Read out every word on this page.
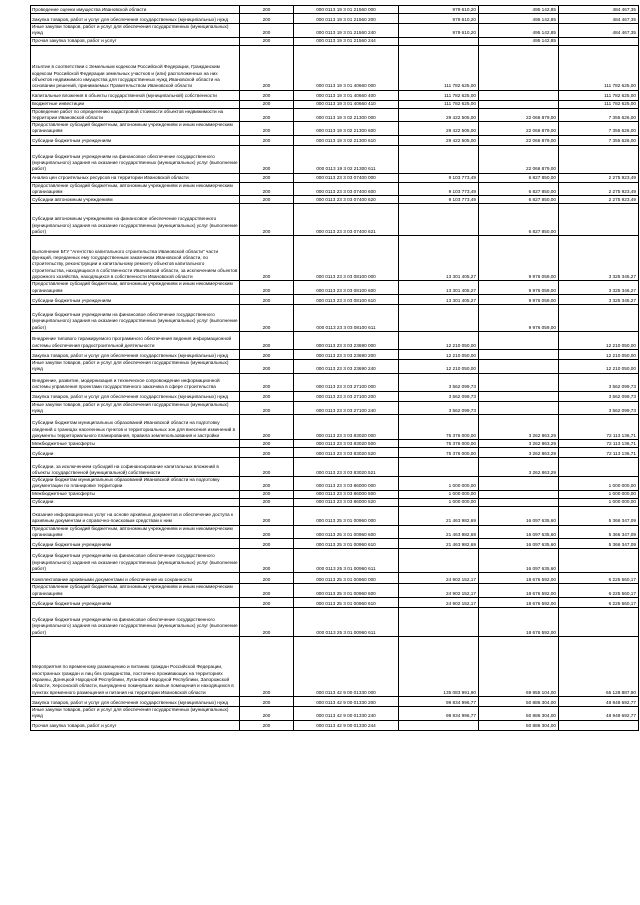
Проведение оценки имущества Ивановской области	200	000 0113 19 3 01 21560 000	979 610,20	495 142,85	484 467,35
Закупка товаров, работ и услуг для обеспечения государственных (муниципальных) нужд	200	000 0113 19 3 01 21560 200	979 610,20	495 142,85	484 467,35
Иные закупки товаров, работ и услуг для обеспечения государственных (муниципальных) нужд	200	000 0113 19 3 01 21560 240	979 610,20	495 142,85	484 467,35
Прочая закупка товаров, работ и услуг	200	000 0113 19 3 01 21560 244		495 142,85	
Изъятие в соответствии с Земельным кодексом Российской Федерации, Гражданским кодексом Российской Федерации земельных участков и (или) расположенных на них объектов недвижимого имущества для государственных нужд Ивановской области на основании решений, принимаемых Правительством Ивановской области	200	000 0113 19 3 01 40660 000	111 782 625,00		111 782 625,00
Капитальные вложения в объекты государственной (муниципальной) собственности	200	000 0113 19 3 01 40660 400	111 782 625,00		111 782 625,00
Бюджетные инвестиции	200	000 0113 19 3 01 40660 410	111 782 625,00		111 782 625,00
Проведение работ по определению кадастровой стоимости объектов недвижимости на территории Ивановской области	200	000 0113 19 3 02 21300 000	29 422 505,00	22 066 879,00	7 355 626,00
Предоставление субсидий бюджетным, автономным учреждениям и иным некоммерческим организациям	200	000 0113 19 3 02 21300 600	29 422 505,00	22 066 879,00	7 355 626,00
Субсидии бюджетным учреждениям	200	000 0113 19 3 02 21300 610	29 422 505,00	22 066 879,00	7 355 626,00
Субсидии бюджетным учреждениям на финансовое обеспечение государственного (муниципального) задания на оказание государственных (муниципальных) услуг (выполнение работ)	200	000 0113 19 3 02 21300 611		22 066 879,00	
Анализ цен строительных ресурсов на территории Ивановской области	200	000 0113 23 3 03 07400 000	9 103 773,49	6 827 850,00	2 275 923,49
Предоставление субсидий бюджетным, автономным учреждениям и иным некоммерческим организациям	200	000 0113 23 3 03 07400 600	9 103 773,49	6 827 850,00	2 275 923,49
Субсидии автономным учреждениям	200	000 0113 23 3 03 07400 620	9 103 773,49	6 827 850,00	2 275 923,49
Субсидии автономным учреждениям на финансовое обеспечение государственного (муниципального) задания на оказание государственных (муниципальных) услуг (выполнение работ)	200	000 0113 23 3 03 07400 621		6 827 850,00	
Выполнение БГУ "Агентство капитального строительства Ивановской области" части функций, переданных ему государственным заказчиком Ивановской области, по строительству, реконструкции и капитальному ремонту объектов капитального строительства, находящихся в собственности Ивановской области, за исключением объектов дорожного хозяйства, находящихся в собственности Ивановской области	200	000 0113 23 3 03 08100 000	13 301 405,27	9 976 059,00	3 325 346,27
Предоставление субсидий бюджетным, автономным учреждениям и иным некоммерческим организациям	200	000 0113 23 3 03 08100 600	13 301 405,27	9 976 059,00	3 325 346,27
Субсидии бюджетным учреждениям	200	000 0113 23 3 03 08100 610	13 301 405,27	9 976 059,00	3 325 346,27
Субсидии бюджетным учреждениям на финансовое обеспечение государственного (муниципального) задания на оказание государственных (муниципальных) услуг (выполнение работ)	200	000 0113 23 3 03 08100 611		9 976 059,00	
Внедрение типового тиражируемого программного обеспечения ведения информационной системы обеспечения градостроительной деятельности	200	000 0113 23 3 03 23690 000	12 210 050,00		12 210 050,00
Закупка товаров, работ и услуг для обеспечения государственных (муниципальных) нужд	200	000 0113 23 3 03 23690 200	12 210 050,00		12 210 050,00
Иные закупки товаров, работ и услуг для обеспечения государственных (муниципальных) нужд	200	000 0113 23 3 03 23690 240	12 210 050,00		12 210 050,00
Внедрение, развитие, модернизация и техническое сопровождение информационной системы управления проектами государственного заказчика в сфере строительства	200	000 0113 23 3 03 27100 000	3 562 099,73		3 562 099,73
Закупка товаров, работ и услуг для обеспечения государственных (муниципальных) нужд	200	000 0113 23 3 03 27100 200	3 562 099,73		3 562 099,73
Иные закупки товаров, работ и услуг для обеспечения государственных (муниципальных) нужд	200	000 0113 23 3 03 27100 240	3 562 099,73		3 562 099,73
Субсидии бюджетам муниципальных образований Ивановской области на подготовку сведений о границах населенных пунктов и территориальных зон для внесения изменений в документы территориального планирования, правила землепользования и застройки	200	000 0113 23 3 03 83020 000	75 376 000,00	3 262 863,29	72 113 136,71
Межбюджетные трансферты	200	000 0113 23 3 03 83020 500	75 376 000,00	3 262 863,29	72 113 136,71
Субсидии	200	000 0113 23 3 03 83020 520	75 376 000,00	3 262 863,29	72 113 136,71
Субсидии, за исключением субсидий на софинансирование капитальных вложений в объекты государственной (муниципальной) собственности	200	000 0113 23 3 03 83020 521		3 262 863,29	
Субсидии бюджетам муниципальных образований Ивановской области на подготовку документации по планировке территории	200	000 0113 23 3 03 86000 000	1 000 000,00		1 000 000,00
Межбюджетные трансферты	200	000 0113 23 3 03 86000 500	1 000 000,00		1 000 000,00
Субсидии	200	000 0113 23 3 03 86000 520	1 000 000,00		1 000 000,00
Оказание информационных услуг на основе архивных документов и обеспечение доступа к архивным документам и справочно-поисковым средствам к ним	200	000 0113 25 3 01 00960 000	21 463 982,69	16 097 635,60	5 366 347,09
Предоставление субсидий бюджетным, автономным учреждениям и иным некоммерческим организациям	200	000 0113 25 3 01 00960 600	21 463 982,69	16 097 635,60	5 366 347,09
Субсидии бюджетным учреждениям	200	000 0113 25 3 01 00960 610	21 463 982,69	16 097 635,60	5 366 347,09
Субсидии бюджетным учреждениям на финансовое обеспечение государственного (муниципального) задания на оказание государственных (муниципальных) услуг (выполнение работ)	200	000 0113 25 3 01 00960 611		16 097 635,60	
Комплектование архивными документами и обеспечение их сохранности	200	000 0113 25 3 01 00960 000	24 902 152,17	18 676 592,00	6 225 560,17
Предоставление субсидий бюджетным, автономным учреждениям и иным некоммерческим организациям	200	000 0113 25 3 01 00960 600	24 902 152,17	18 676 592,00	6 225 560,17
Субсидии бюджетным учреждениям	200	000 0113 25 3 01 00960 610	24 902 152,17	18 676 592,00	6 225 560,17
Субсидии бюджетным учреждениям на финансовое обеспечение государственного (муниципального) задания на оказание государственных (муниципальных) услуг (выполнение работ)	200	000 0113 25 3 01 00960 611		18 676 592,00	
Мероприятия по временному размещению и питанию граждан Российской Федерации, иностранных граждан и лиц без гражданства, постоянно проживающих на территориях Украины, Донецкой Народной Республики, Луганской Народной Республики, Запорожской области, Херсонской области, вынужденно покинувших жилые помещения и находящихся в пунктах временного размещения и питания на территории Ивановской области	200	000 0113 42 9 00 01330 000	135 083 991,90	69 955 104,00	65 128 887,90
Закупка товаров, работ и услуг для обеспечения государственных (муниципальных) нужд	200	000 0113 42 9 00 01330 200	99 834 996,77	50 886 304,00	48 948 692,77
Иные закупки товаров, работ и услуг для обеспечения государственных (муниципальных) нужд	200	000 0113 42 9 00 01330 240	99 834 996,77	50 886 304,00	48 948 692,77
Прочая закупка товаров, работ и услуг	200	000 0113 42 9 00 01330 244		50 886 304,00	
